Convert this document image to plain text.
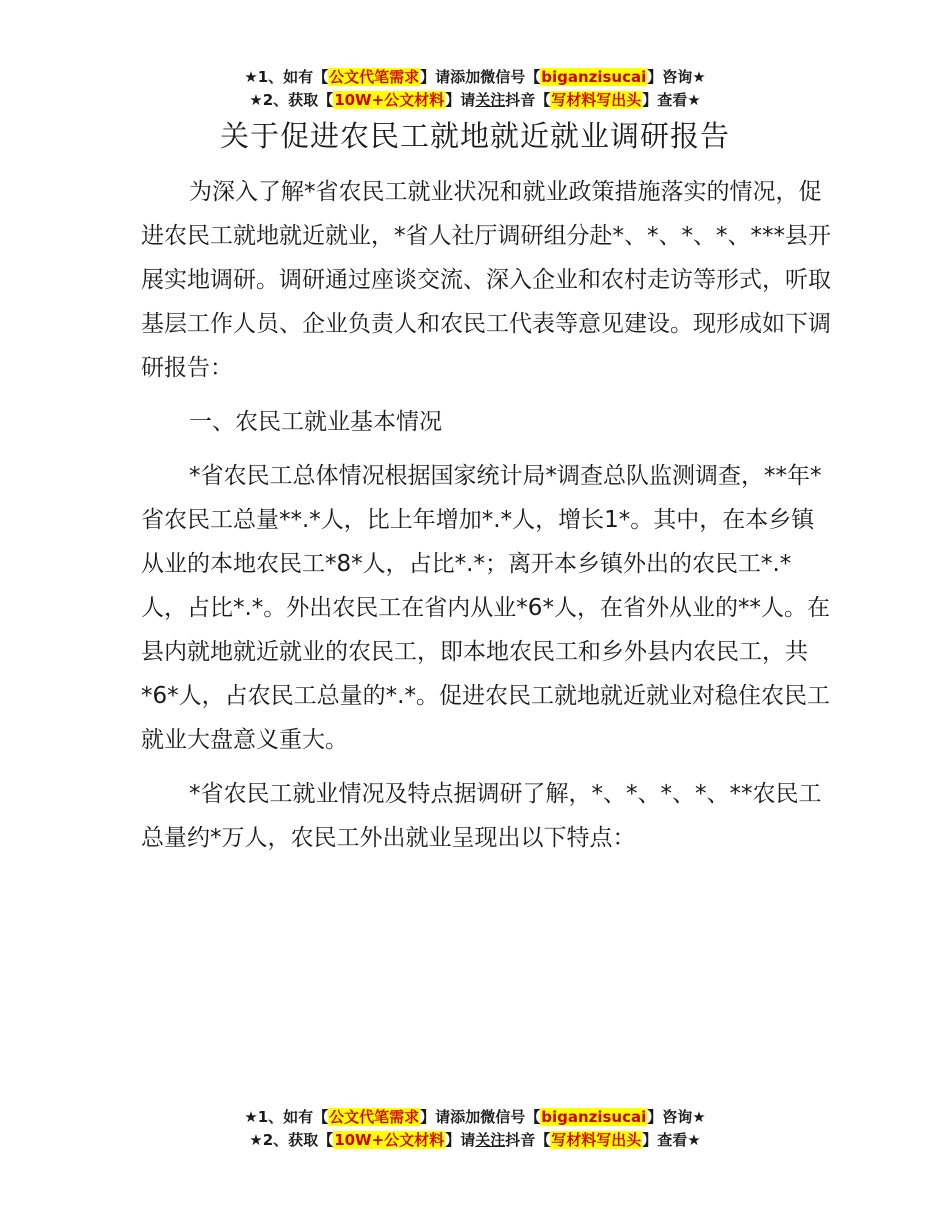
★1、如有【公文代笔需求】请添加微信号【biganzisucai】咨询★
★2、获取【10W+公文材料】请关注抖音【写材料写出头】查看★
关于促进农民工就地就近就业调研报告

为深入了解*省农民工就业状况和就业政策措施落实的情况，促进农民工就地就近就业，*省人社厅调研组分赴*、*、*、*、***县开展实地调研。调研通过座谈交流、深入企业和农村走访等形式，听取基层工作人员、企业负责人和农民工代表等意见建设。现形成如下调研报告：

一、农民工就业基本情况

*省农民工总体情况根据国家统计局*调查总队监测调查，**年*省农民工总量**.*人，比上年增加*.*人，增长1*。其中，在本乡镇从业的本地农民工*8*人，占比*.*；离开本乡镇外出的农民工*.*人，占比*.*。外出农民工在省内从业*6*人，在省外从业的**人。在县内就地就近就业的农民工，即本地农民工和乡外县内农民工，共*6*人，占农民工总量的*.*。促进农民工就地就近就业对稳住农民工就业大盘意义重大。

*省农民工就业情况及特点据调研了解，*、*、*、*、**农民工总量约*万人，农民工外出就业呈现出以下特点：

★1、如有【公文代笔需求】请添加微信号【biganzisucai】咨询★
★2、获取【10W+公文材料】请关注抖音【写材料写出头】查看★
